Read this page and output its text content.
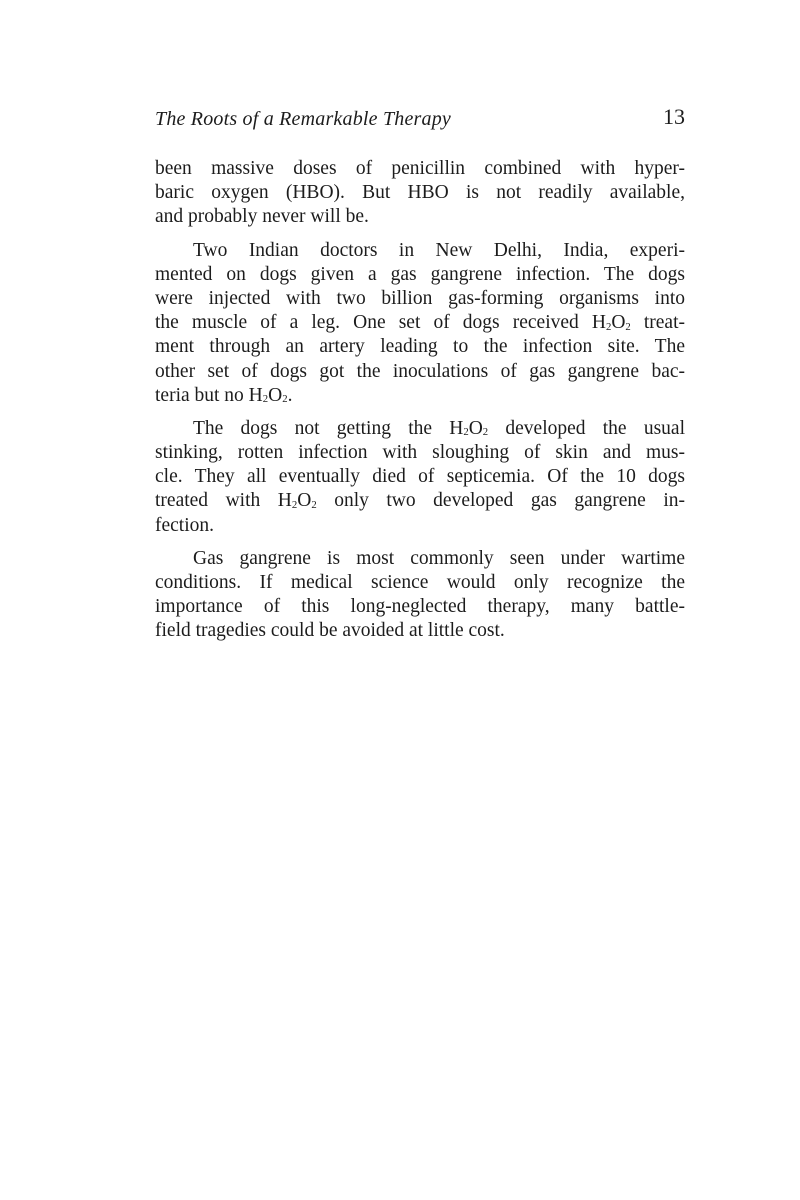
The Roots of a Remarkable Therapy	13
been massive doses of penicillin combined with hyper-
baric oxygen (HBO). But HBO is not readily available,
and probably never will be.
Two Indian doctors in New Delhi, India, experi-
mented on dogs given a gas gangrene infection. The dogs
were injected with two billion gas-forming organisms into
the muscle of a leg. One set of dogs received $H_2O_2$ treat-
ment through an artery leading to the infection site. The
other set of dogs got the inoculations of gas gangrene bac-
teria but no $H_2O_2$.
The dogs not getting the $H_2O_2$ developed the usual
stinking, rotten infection with sloughing of skin and mus-
cle. They all eventually died of septicemia. Of the 10 dogs
treated with $H_2O_2$ only two developed gas gangrene in-
fection.
Gas gangrene is most commonly seen under wartime
conditions. If medical science would only recognize the
importance of this long-neglected therapy, many battle-
field tragedies could be avoided at little cost.
